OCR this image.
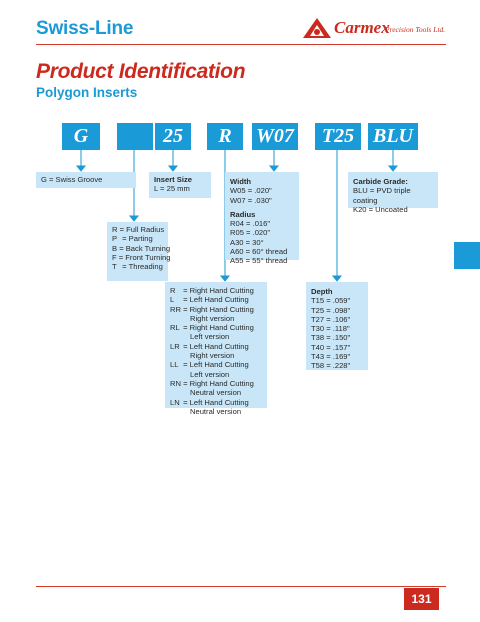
Swiss-Line	Carmex
Precision Tools Ltd.
Product Identification
Polygon Inserts
G	25	R	W07	T25 BLU
G = Swiss Groove	Insert Size
L = 25 mm
R = Full Radius
P = Parting
B = Back Turning
F = Front Turning
T = Threading
Width
W05 = .020"
W07 = .030"
Radius
R04 = .016"
R05 = .020"
A30 = 30°
A60 = 60° thread
A55 = 55° thread
Carbide Grade:
BLU = PVD triple coating
K20 = Uncoated
R = Right Hand Cutting
L = Left Hand Cutting
RR = Right Hand Cutting
Right version
RL = Right Hand Cutting
Left version
LR = Left Hand Cutting
Right version
LL = Left Hand Cutting
Left version
RN = Right Hand Cutting
Neutral version
LN = Left Hand Cutting
Neutral version
Depth
T15 = .059"
T25 = .098"
T27 = .106"
T30 = .118"
T38 = .150"
T40 = .157"
T43 = .169"
T58 = .228"
131
